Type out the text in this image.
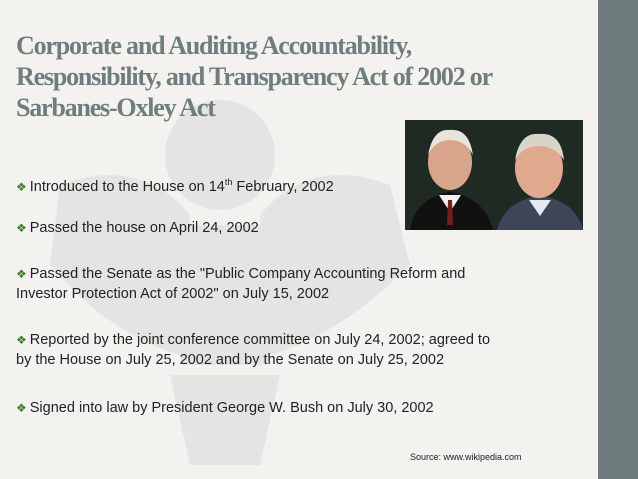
Corporate and Auditing Accountability,
Responsibility, and Transparency Act of 2002 or
Sarbanes-Oxley Act
❖ Introduced to the House on 14th February, 2002
❖ Passed the house on April 24, 2002
❖ Passed the Senate as the "Public Company Accounting Reform and
Investor Protection Act of 2002" on July 15, 2002
❖ Reported by the joint conference committee on July 24, 2002; agreed to
by the House on July 25, 2002 and by the Senate on July 25, 2002
❖ Signed into law by President George W. Bush on July 30, 2002
Source: www.wikipedia.com
